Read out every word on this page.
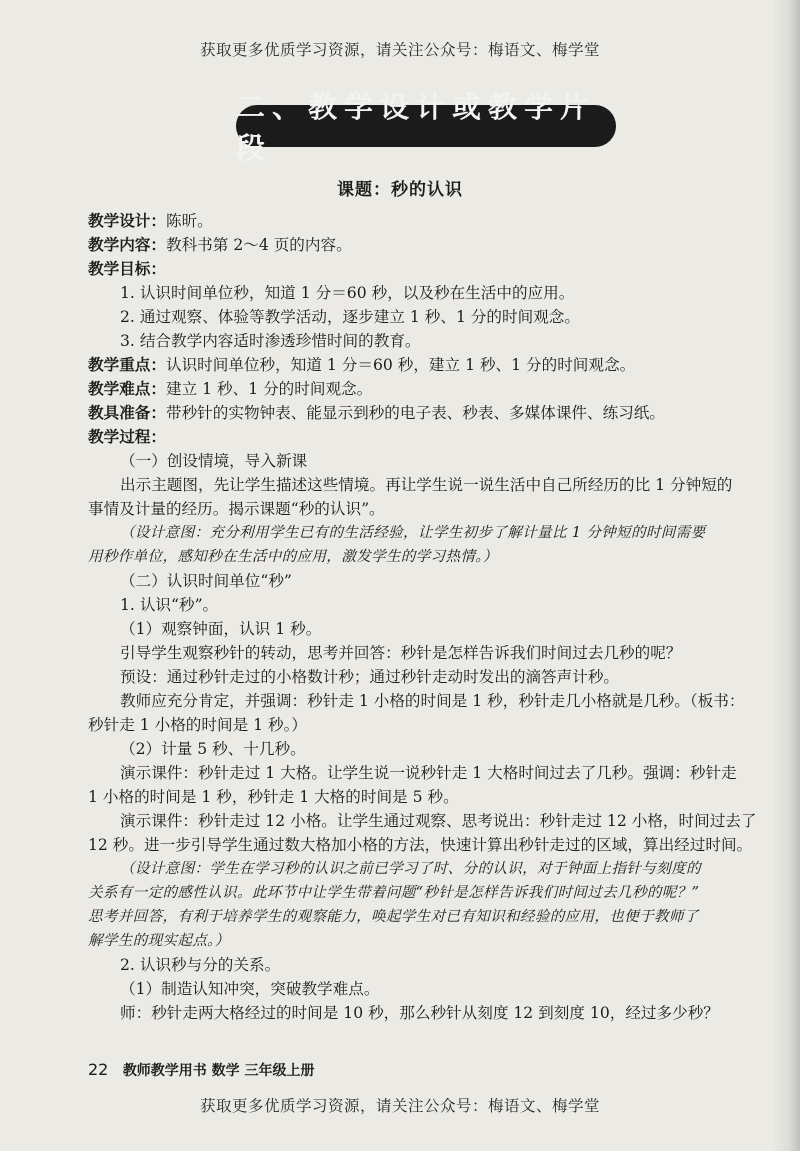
获取更多优质学习资源，请关注公众号：梅语文、梅学堂
二、教学设计或教学片段
课题：秒的认识
教学设计：陈昕。
教学内容：教科书第 2～4 页的内容。
教学目标：
1. 认识时间单位秒，知道 1 分＝60 秒，以及秒在生活中的应用。
2. 通过观察、体验等教学活动，逐步建立 1 秒、1 分的时间观念。
3. 结合教学内容适时渗透珍惜时间的教育。
教学重点：认识时间单位秒，知道 1 分＝60 秒，建立 1 秒、1 分的时间观念。
教学难点：建立 1 秒、1 分的时间观念。
教具准备：带秒针的实物钟表、能显示到秒的电子表、秒表、多媒体课件、练习纸。
教学过程：
（一）创设情境，导入新课
出示主题图，先让学生描述这些情境。再让学生说一说生活中自己所经历的比 1 分钟短的
事情及计量的经历。揭示课题“秒的认识”。
（设计意图：充分利用学生已有的生活经验，让学生初步了解计量比 1 分钟短的时间需要
用秒作单位，感知秒在生活中的应用，激发学生的学习热情。）
（二）认识时间单位“秒”
1. 认识“秒”。
（1）观察钟面，认识 1 秒。
引导学生观察秒针的转动，思考并回答：秒针是怎样告诉我们时间过去几秒的呢？
预设：通过秒针走过的小格数计秒；通过秒针走动时发出的滴答声计秒。
教师应充分肯定，并强调：秒针走 1 小格的时间是 1 秒，秒针走几小格就是几秒。（板书：
秒针走 1 小格的时间是 1 秒。）
（2）计量 5 秒、十几秒。
演示课件：秒针走过 1 大格。让学生说一说秒针走 1 大格时间过去了几秒。强调：秒针走
1 小格的时间是 1 秒，秒针走 1 大格的时间是 5 秒。
演示课件：秒针走过 12 小格。让学生通过观察、思考说出：秒针走过 12 小格，时间过去了
12 秒。进一步引导学生通过数大格加小格的方法，快速计算出秒针走过的区域，算出经过时间。
（设计意图：学生在学习秒的认识之前已学习了时、分的认识，对于钟面上指针与刻度的
关系有一定的感性认识。此环节中让学生带着问题“秒针是怎样告诉我们时间过去几秒的呢？”
思考并回答，有利于培养学生的观察能力，唤起学生对已有知识和经验的应用，也便于教师了
解学生的现实起点。）
2. 认识秒与分的关系。
（1）制造认知冲突，突破教学难点。
师：秒针走两大格经过的时间是 10 秒，那么秒针从刻度 12 到刻度 10，经过多少秒？
22 教师教学用书 数学 三年级上册
获取更多优质学习资源，请关注公众号：梅语文、梅学堂
